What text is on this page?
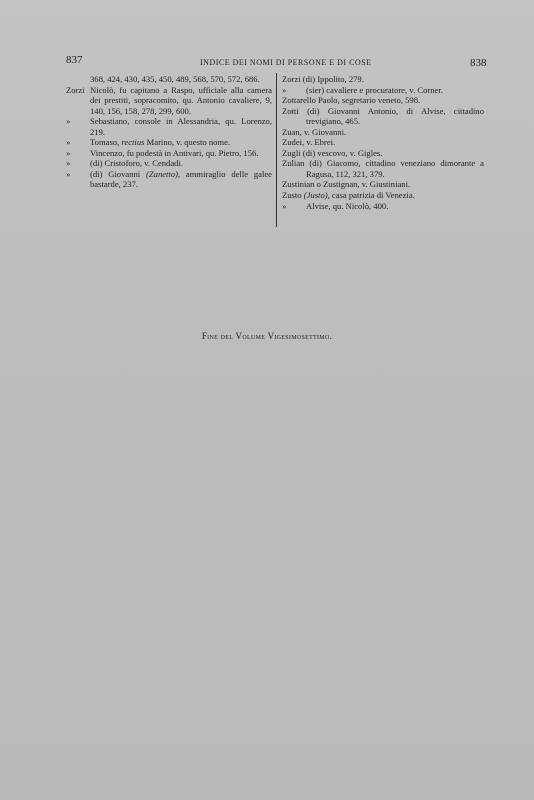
837	INDICE DEI NOMI DI PERSONE E DI COSE	838

368, 424, 430, 435, 450, 489, 568, 570, 572, 686.

Zorzi Nicolò, fu capitano a Raspo, ufficiale alla camera dei prestiti, sopracomito, qu. Antonio cavaliere, 9, 140, 156, 158, 278, 299, 600.

» Sebastiano, console in Alessandria, qu. Lorenzo, 219.

» Tomaso, rectius Marino, v. questo nome.

» Vincenzo, fu podestà in Antivari, qu. Pietro, 156.

» (di) Cristoforo, v. Cendadi.

» (di) Giovanni (Zanetto), ammiraglio delle galee bastarde, 237.

Zorzi (di) Ippolito, 279.

» (sier) cavaliere e procuratore, v. Corner.

Zottarello Paolo, segretario veneto, 598.

Zotti (di) Giovanni Antonio, di Alvise, cittadino trevigiano, 465.

Zuan, v. Giovanni.

Zudei, v. Ebrei.

Zugli (di) vescovo, v. Gigles.

Zulian (di) Giacomo, cittadino veneziano dimorante a Ragusa, 112, 321, 379.

Zustinian o Zustignan, v. Giustiniani.

Zusto (Justo), casa patrizia di Venezia.

» Alvise, qu. Nicolò, 400.

Fine del Volume Vigesimosettimo.
